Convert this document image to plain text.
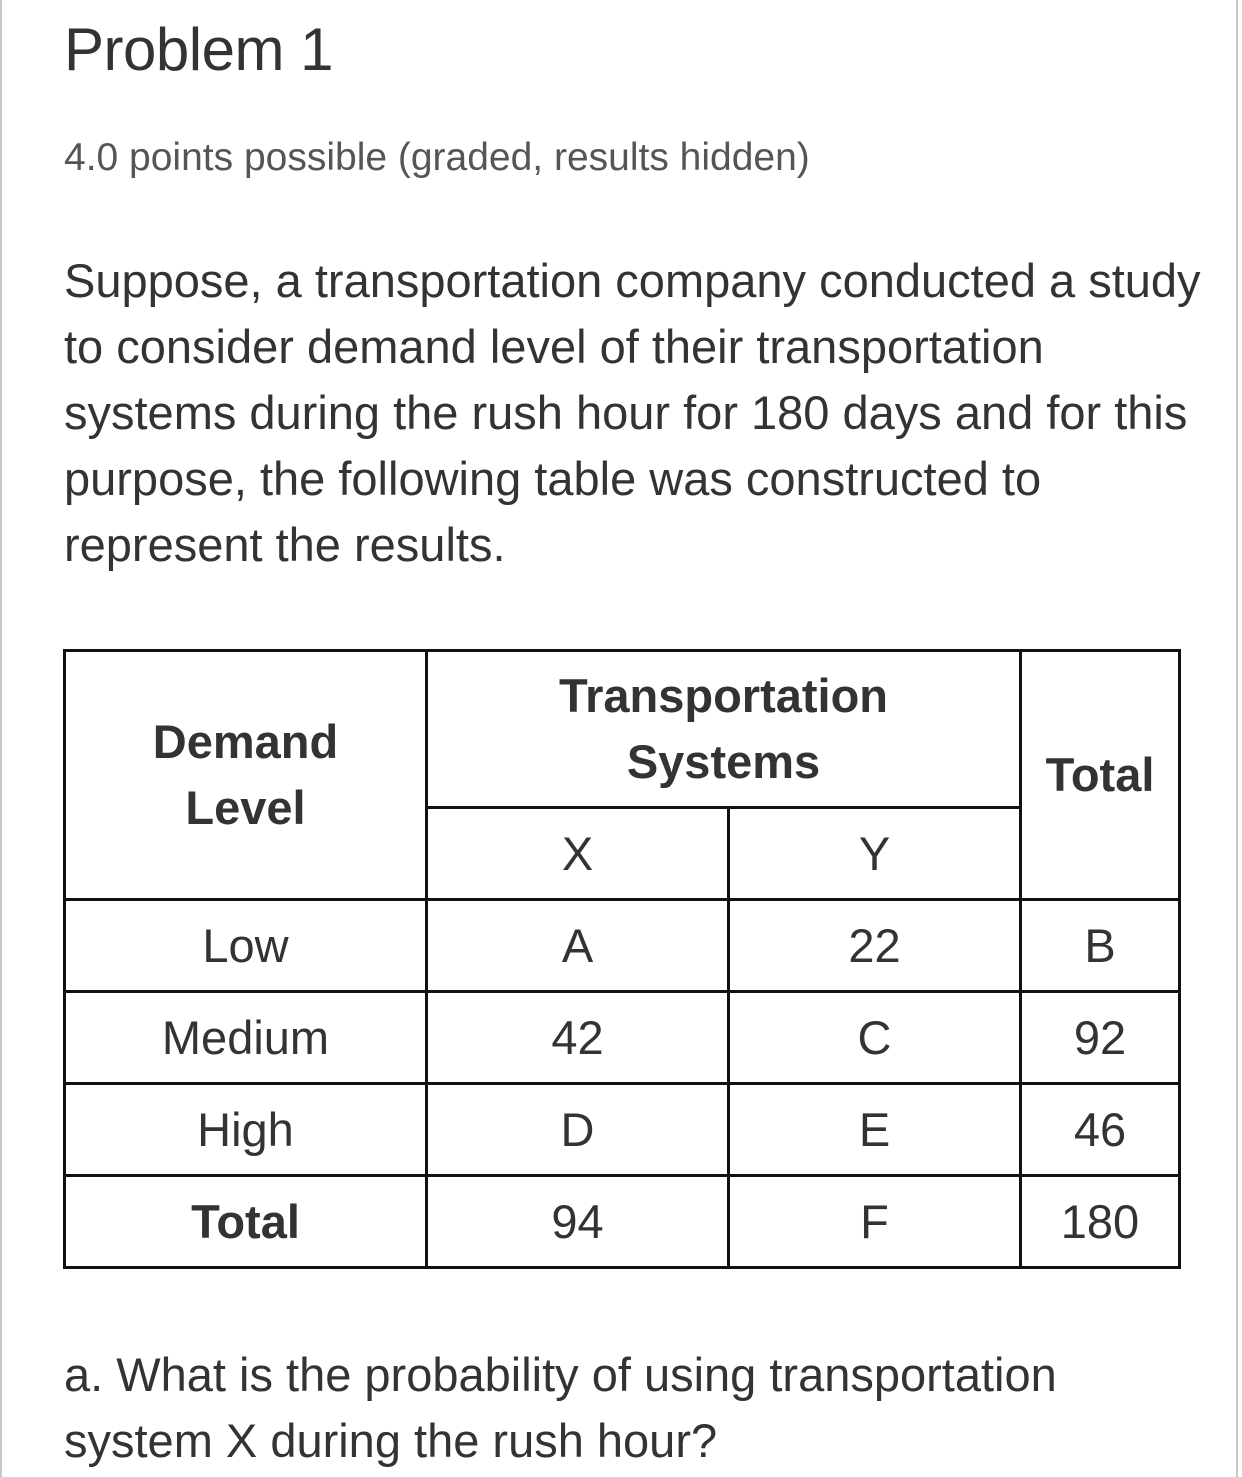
Problem 1

4.0 points possible (graded, results hidden)

Suppose, a transportation company conducted a study to consider demand level of their transportation systems during the rush hour for 180 days and for this purpose, the following table was constructed to represent the results.

Demand Level	Transportation Systems		Total
	X	Y	
Low	A	22	B
Medium	42	C	92
High	D	E	46
Total	94	F	180

a. What is the probability of using transportation system X during the rush hour?
